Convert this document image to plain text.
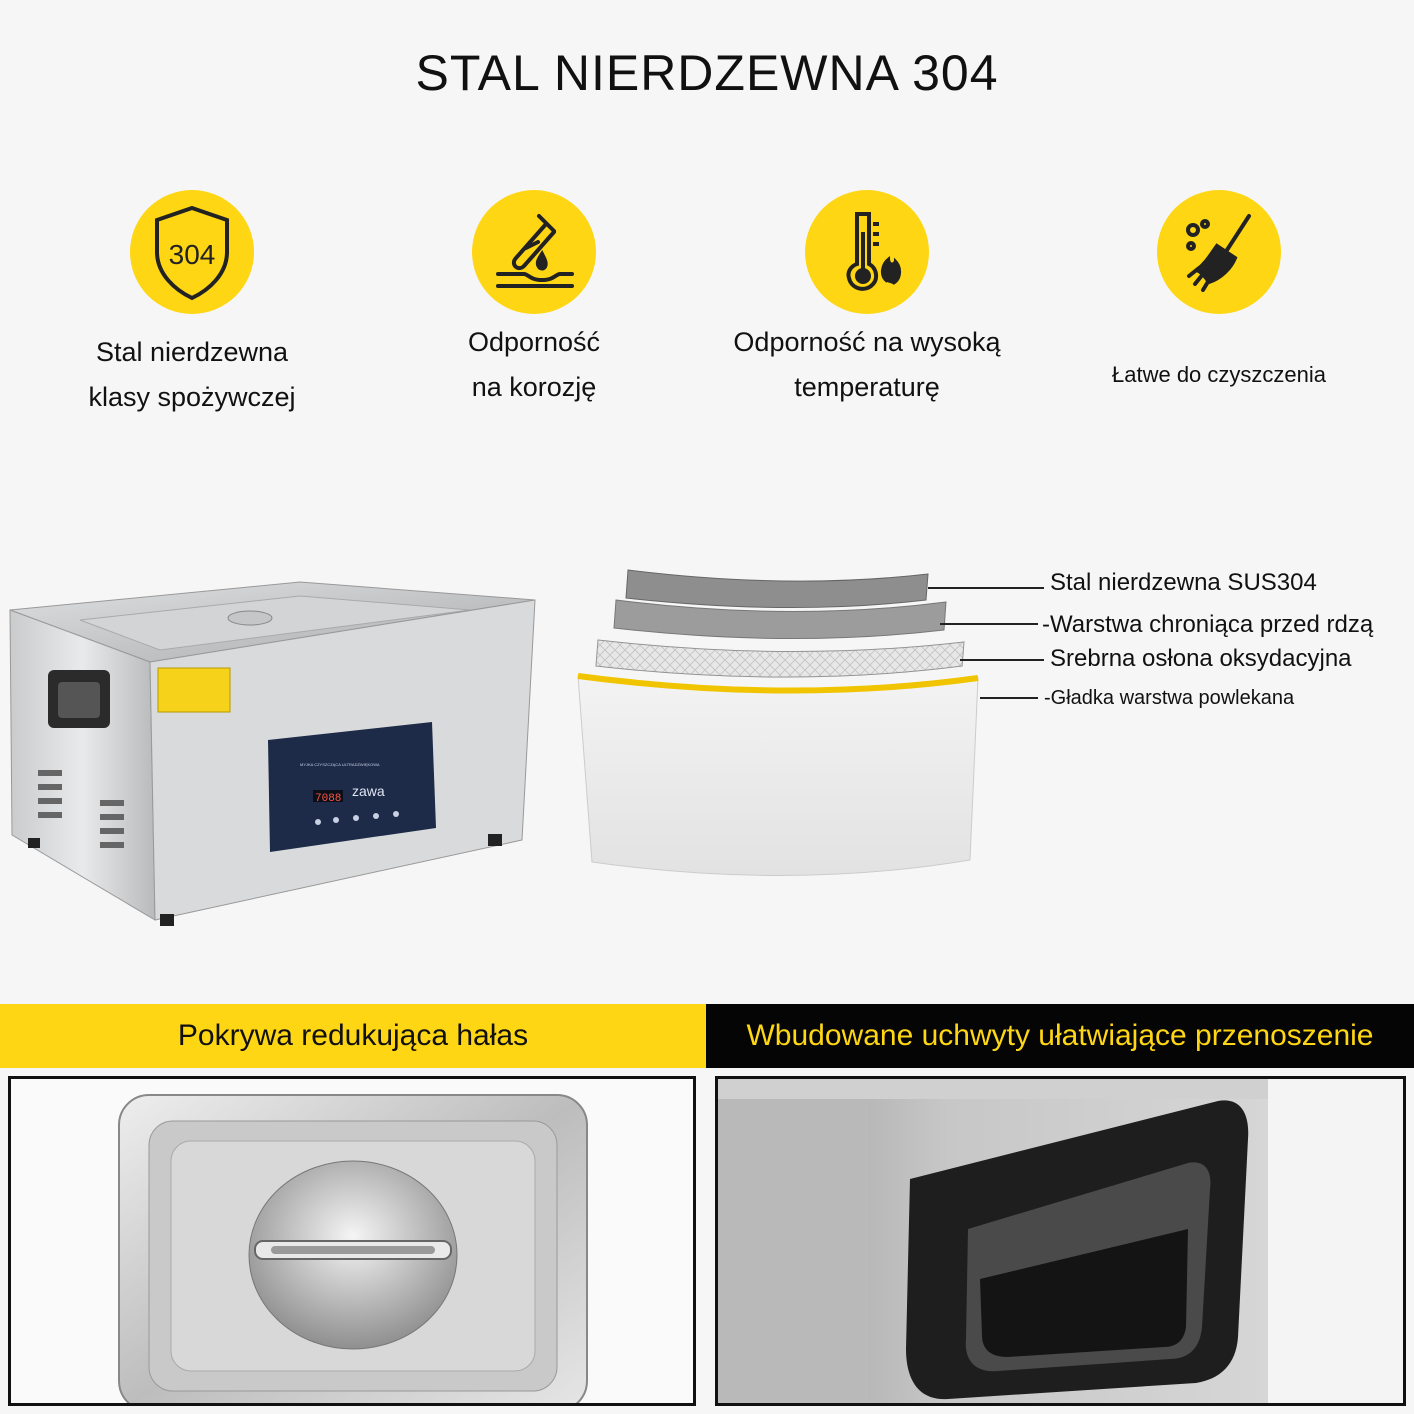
STAL NIERDZEWNA 304
304
Stal nierdzewna
klasy spożywczej
Odporność
na korozję
Odporność na wysoką
temperaturę	Łatwe do czyszczenia
7088 zawa
MYJKA CZYSZCZĄCA ULTRADŹWIĘKOWA
Stal nierdzewna SUS304
-Warstwa chroniąca przed rdzą
Srebrna osłona oksydacyjna
-Gładka warstwa powlekana
Pokrywa redukująca hałas	Wbudowane uchwyty ułatwiające przenoszenie
